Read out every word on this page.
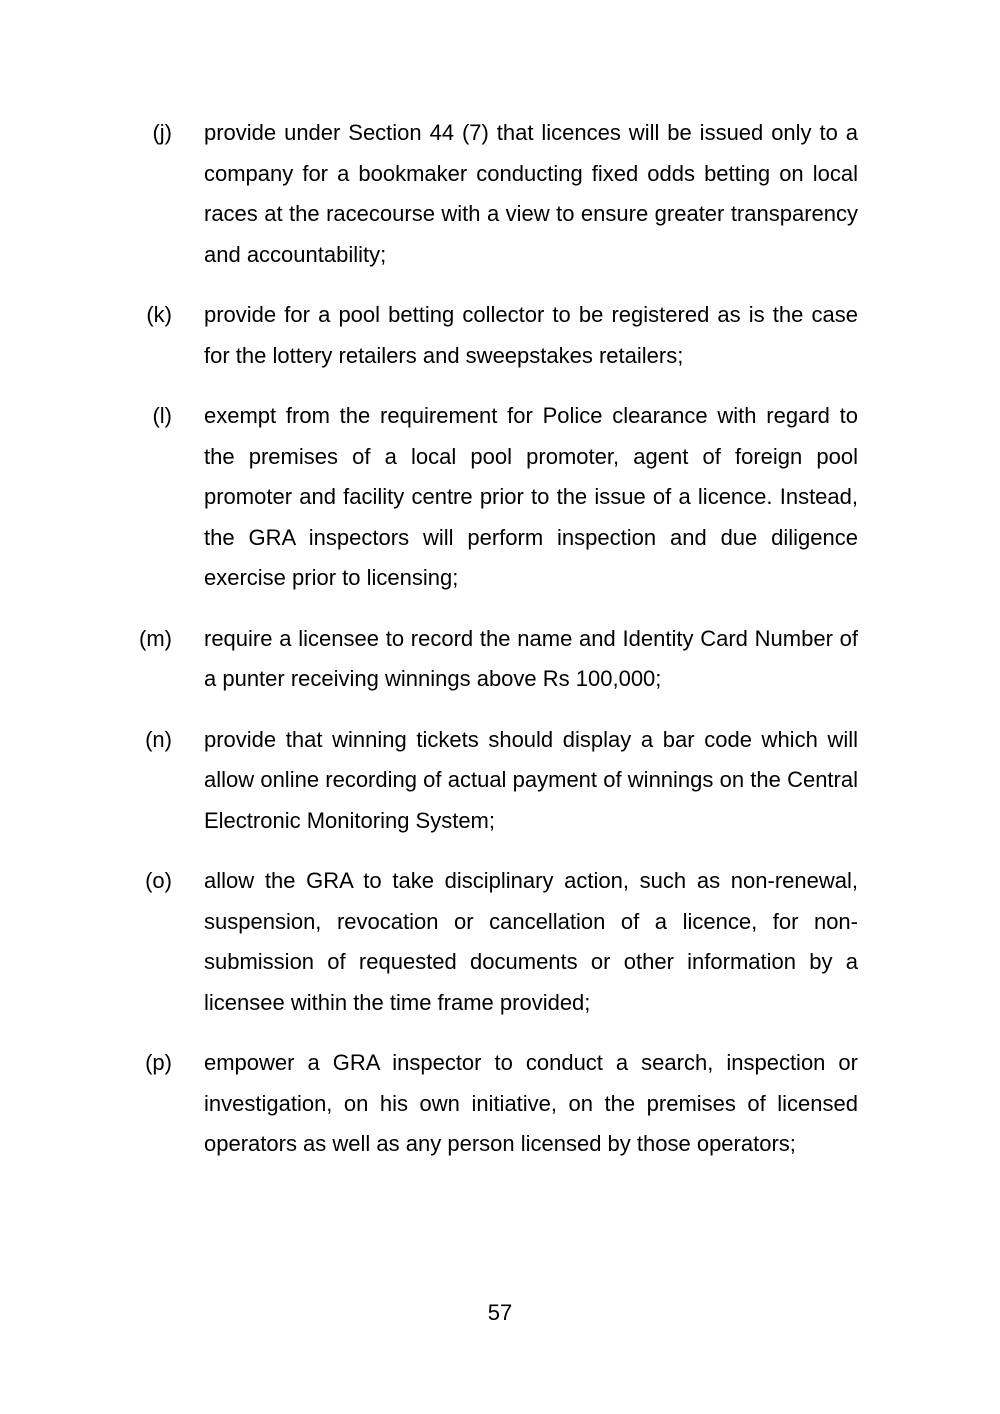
(j) provide under Section 44 (7) that licences will be issued only to a company for a bookmaker conducting fixed odds betting on local races at the racecourse with a view to ensure greater transparency and accountability;
(k) provide for a pool betting collector to be registered as is the case for the lottery retailers and sweepstakes retailers;
(l) exempt from the requirement for Police clearance with regard to the premises of a local pool promoter, agent of foreign pool promoter and facility centre prior to the issue of a licence. Instead, the GRA inspectors will perform inspection and due diligence exercise prior to licensing;
(m) require a licensee to record the name and Identity Card Number of a punter receiving winnings above Rs 100,000;
(n) provide that winning tickets should display a bar code which will allow online recording of actual payment of winnings on the Central Electronic Monitoring System;
(o) allow the GRA to take disciplinary action, such as non-renewal, suspension, revocation or cancellation of a licence, for non-submission of requested documents or other information by a licensee within the time frame provided;
(p) empower a GRA inspector to conduct a search, inspection or investigation, on his own initiative, on the premises of licensed operators as well as any person licensed by those operators;
57
